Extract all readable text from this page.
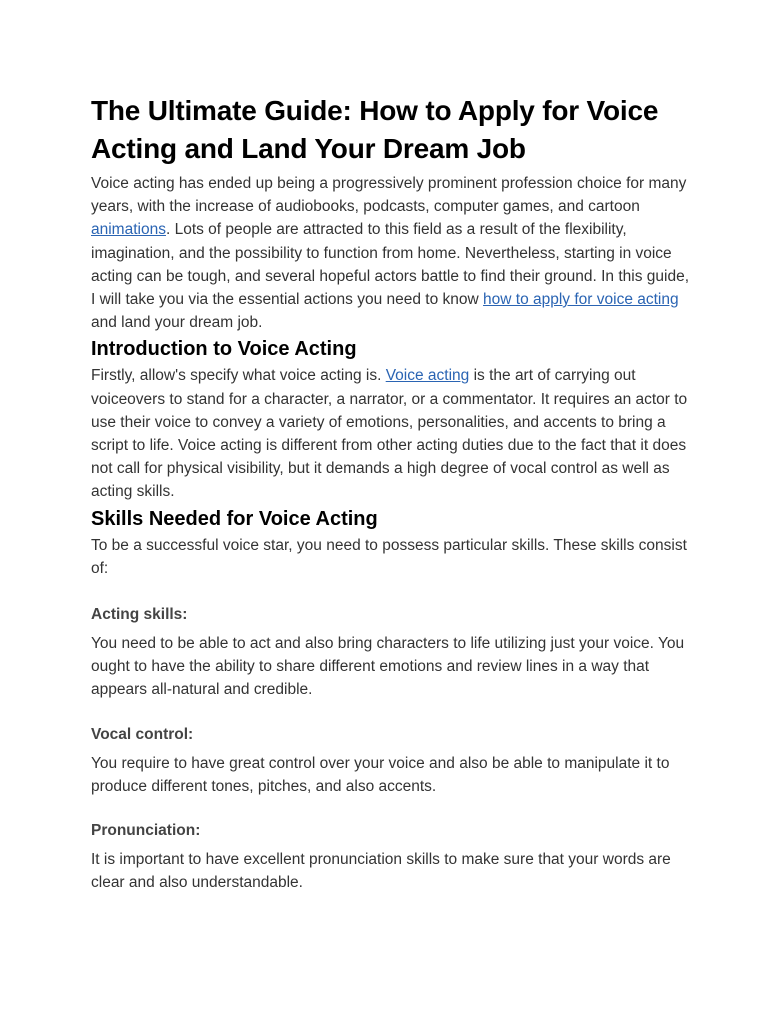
The Ultimate Guide: How to Apply for Voice Acting and Land Your Dream Job

Voice acting has ended up being a progressively prominent profession choice for many years, with the increase of audiobooks, podcasts, computer games, and cartoon animations. Lots of people are attracted to this field as a result of the flexibility, imagination, and the possibility to function from home. Nevertheless, starting in voice acting can be tough, and several hopeful actors battle to find their ground. In this guide, I will take you via the essential actions you need to know how to apply for voice acting and land your dream job.

Introduction to Voice Acting

Firstly, allow's specify what voice acting is. Voice acting is the art of carrying out voiceovers to stand for a character, a narrator, or a commentator. It requires an actor to use their voice to convey a variety of emotions, personalities, and accents to bring a script to life. Voice acting is different from other acting duties due to the fact that it does not call for physical visibility, but it demands a high degree of vocal control as well as acting skills.

Skills Needed for Voice Acting

To be a successful voice star, you need to possess particular skills. These skills consist of:

Acting skills:

You need to be able to act and also bring characters to life utilizing just your voice. You ought to have the ability to share different emotions and review lines in a way that appears all-natural and credible.

Vocal control:

You require to have great control over your voice and also be able to manipulate it to produce different tones, pitches, and also accents.

Pronunciation:

It is important to have excellent pronunciation skills to make sure that your words are clear and also understandable.
